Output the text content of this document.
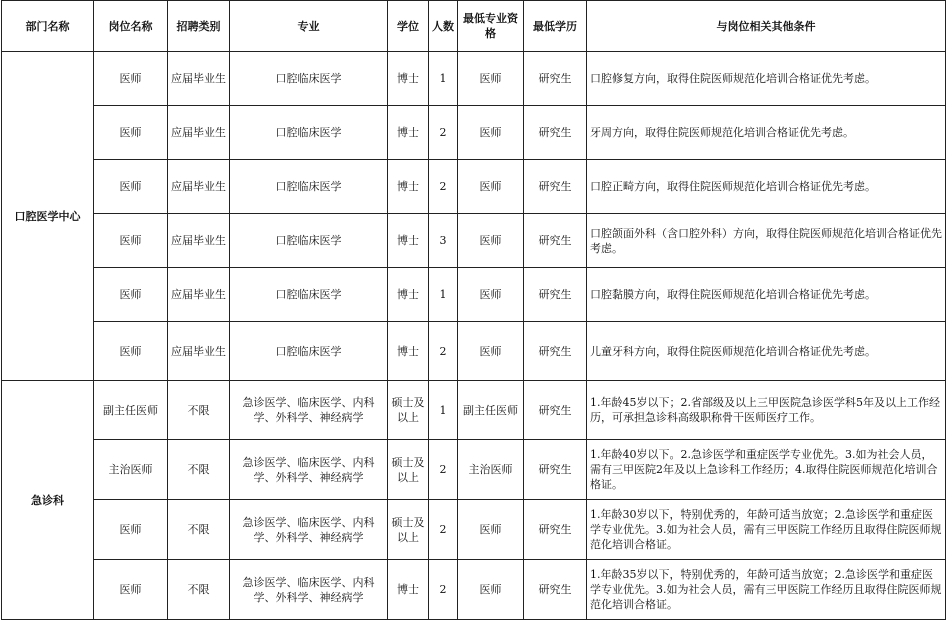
部门名称	岗位名称	招聘类别	专业	学位	人数	最低专业资格	最低学历	与岗位相关其他条件
口腔医学中心	医师	应届毕业生	口腔临床医学	博士	1	医师	研究生	口腔修复方向，取得住院医师规范化培训合格证优先考虑。
	医师	应届毕业生	口腔临床医学	博士	2	医师	研究生	牙周方向，取得住院医师规范化培训合格证优先考虑。
	医师	应届毕业生	口腔临床医学	博士	2	医师	研究生	口腔正畸方向，取得住院医师规范化培训合格证优先考虑。
	医师	应届毕业生	口腔临床医学	博士	3	医师	研究生	口腔颌面外科（含口腔外科）方向，取得住院医师规范化培训合格证优先考虑。
	医师	应届毕业生	口腔临床医学	博士	1	医师	研究生	口腔黏膜方向，取得住院医师规范化培训合格证优先考虑。
	医师	应届毕业生	口腔临床医学	博士	2	医师	研究生	儿童牙科方向，取得住院医师规范化培训合格证优先考虑。
急诊科	副主任医师	不限	急诊医学、临床医学、内科学、外科学、神经病学	硕士及以上	1	副主任医师	研究生	1.年龄45岁以下；2.省部级及以上三甲医院急诊医学科5年及以上工作经历，可承担急诊科高级职称骨干医师医疗工作。
	主治医师	不限	急诊医学、临床医学、内科学、外科学、神经病学	硕士及以上	2	主治医师	研究生	1.年龄40岁以下。2.急诊医学和重症医学专业优先。3.如为社会人员，需有三甲医院2年及以上急诊科工作经历；4.取得住院医师规范化培训合格证。
	医师	不限	急诊医学、临床医学、内科学、外科学、神经病学	硕士及以上	2	医师	研究生	1.年龄30岁以下，特别优秀的，年龄可适当放宽；2.急诊医学和重症医学专业优先。3.如为社会人员，需有三甲医院工作经历且取得住院医师规范化培训合格证。
	医师	不限	急诊医学、临床医学、内科学、外科学、神经病学	博士	2	医师	研究生	1.年龄35岁以下，特别优秀的，年龄可适当放宽；2.急诊医学和重症医学专业优先。3.如为社会人员，需有三甲医院工作经历且取得住院医师规范化培训合格证。
